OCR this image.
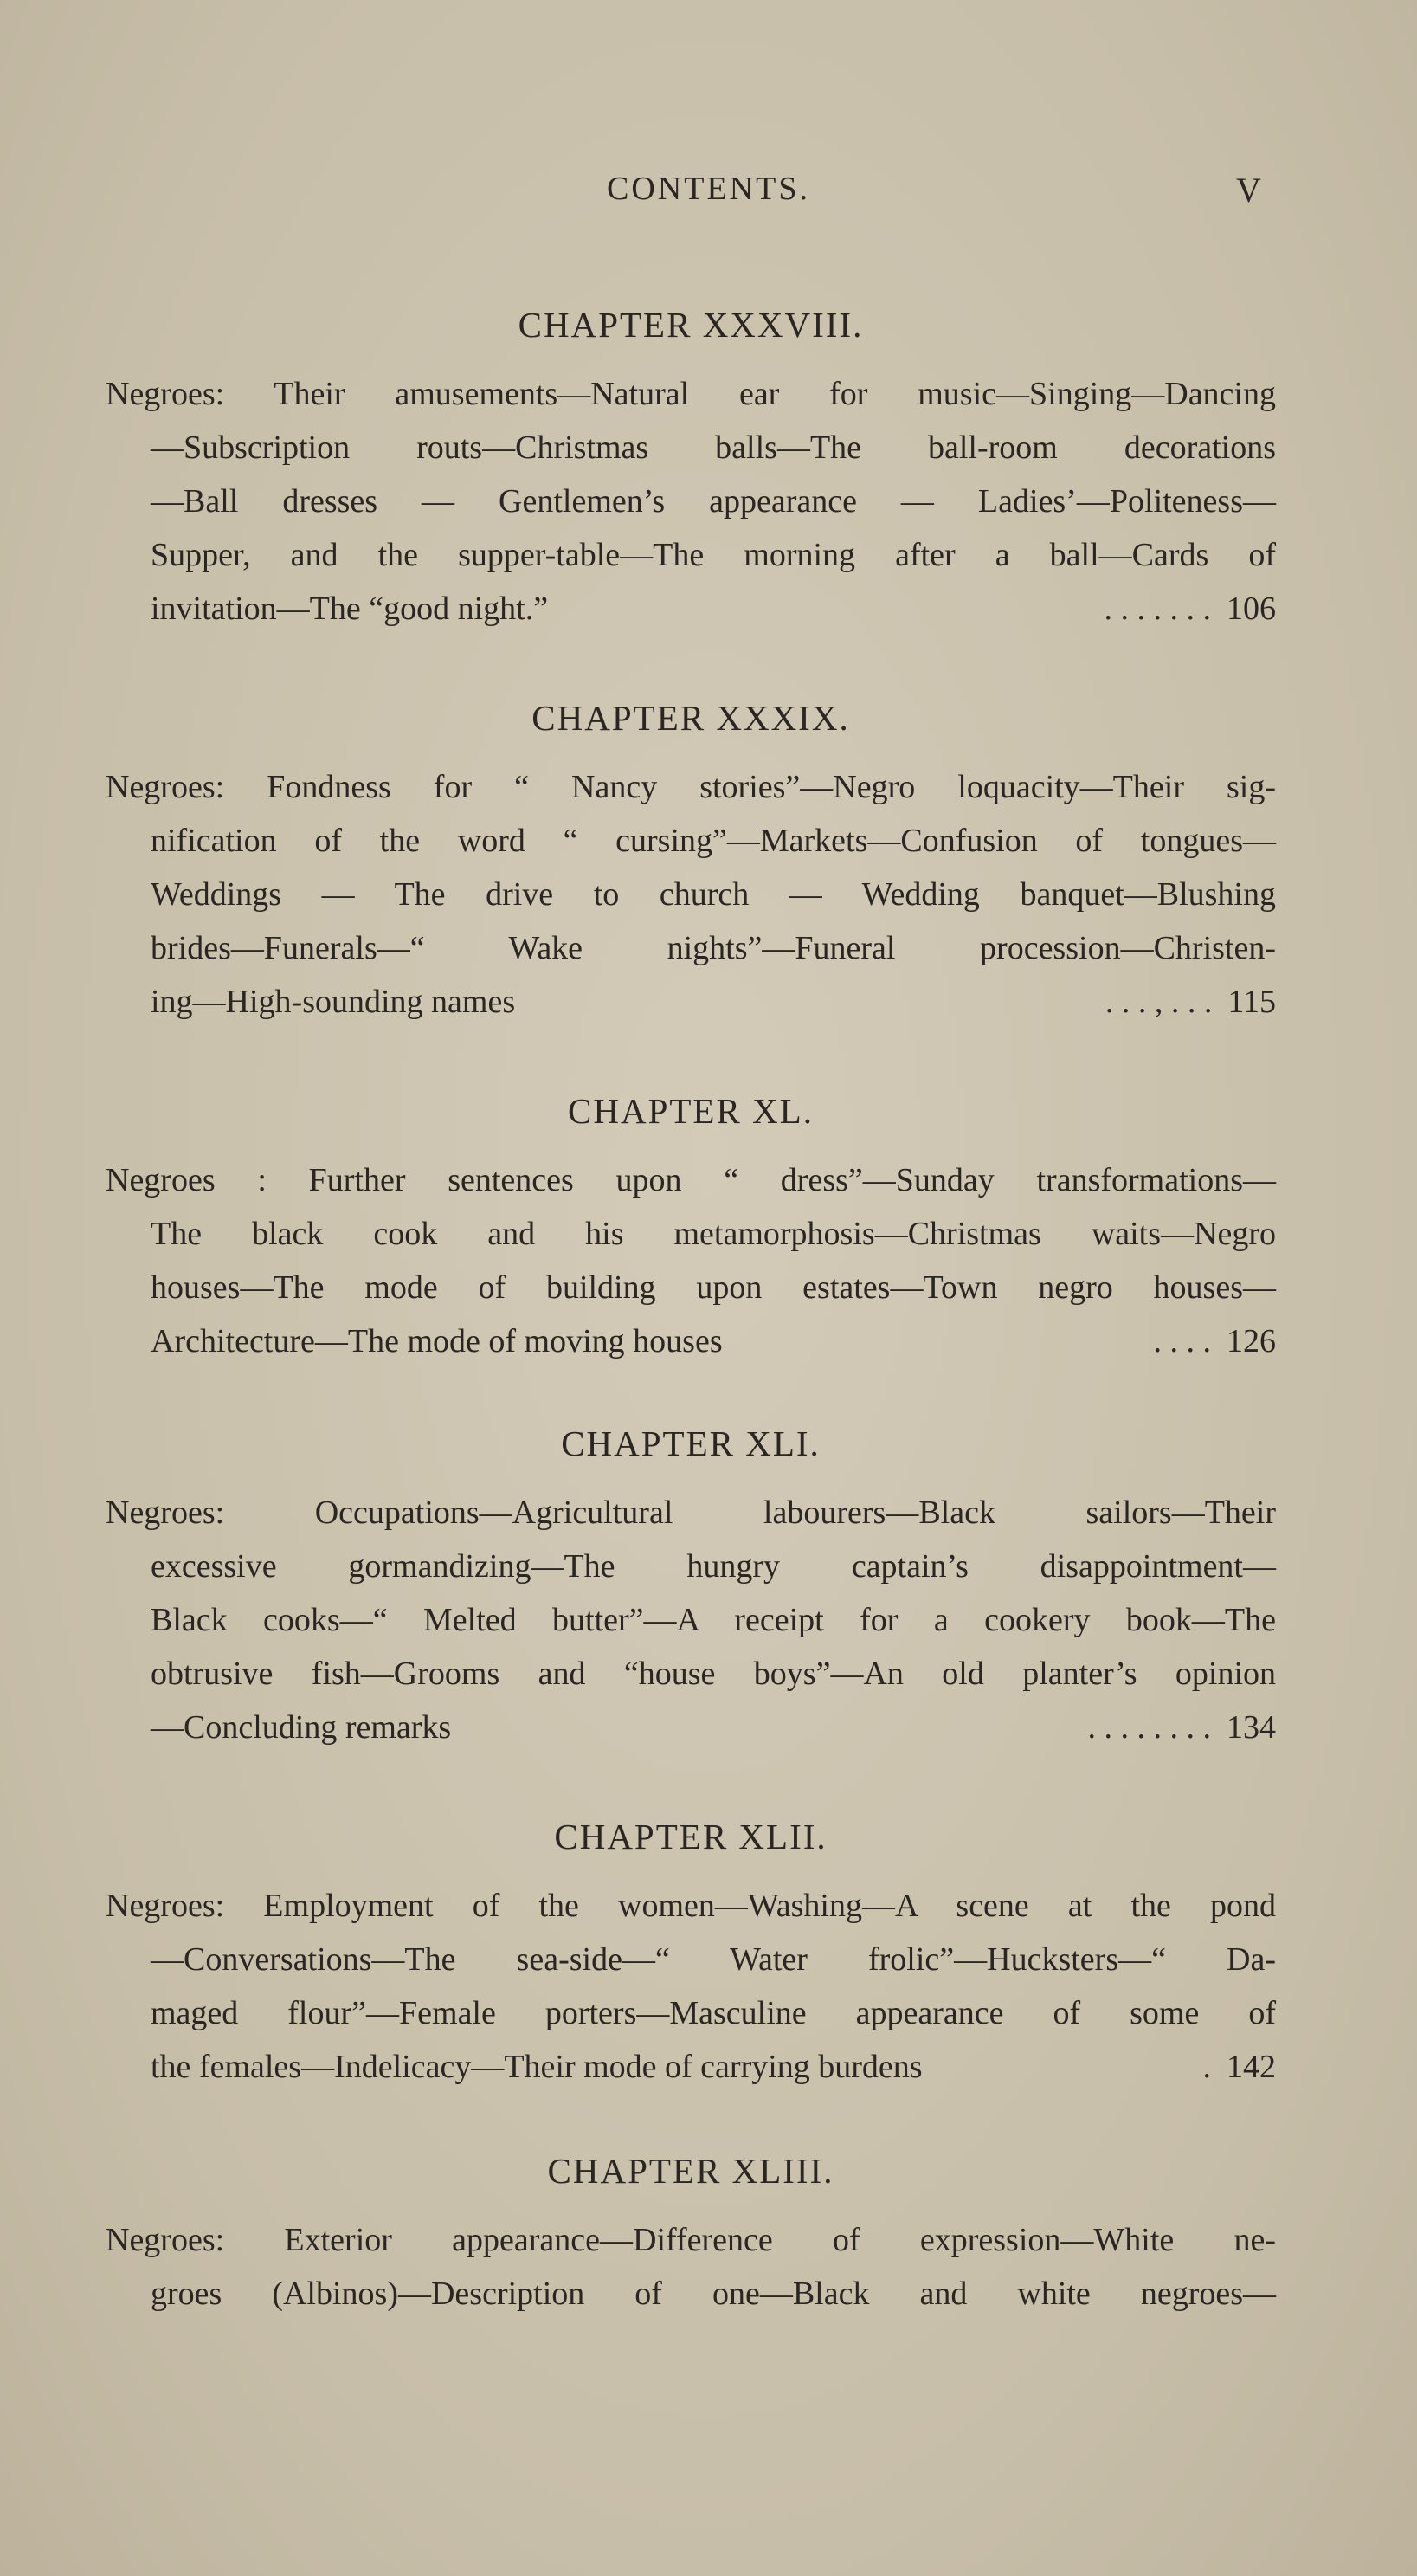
CONTENTS.	V
CHAPTER XXXVIII.
Negroes: Their amusements—Natural ear for music—Singing—Dancing
—Subscription routs—Christmas balls—The ball-room decorations
—Ball dresses — Gentlemen’s appearance — Ladies’—Politeness—
Supper, and the supper-table—The morning after a ball—Cards of
invitation—The “good night.”	. . . . . . . 106
CHAPTER XXXIX.
Negroes: Fondness for “ Nancy stories”—Negro loquacity—Their sig-
nification of the word “ cursing”—Markets—Confusion of tongues—
Weddings — The drive to church — Wedding banquet—Blushing
brides—Funerals—“ Wake nights”—Funeral procession—Christen-
ing—High-sounding names	. . . , . . . 115
CHAPTER XL.
Negroes : Further sentences upon “ dress”—Sunday transformations—
The black cook and his metamorphosis—Christmas waits—Negro
houses—The mode of building upon estates—Town negro houses—
Architecture—The mode of moving houses	. . . . 126
CHAPTER XLI.
Negroes: Occupations—Agricultural labourers—Black sailors—Their
excessive gormandizing—The hungry captain’s disappointment—
Black cooks—“ Melted butter”—A receipt for a cookery book—The
obtrusive fish—Grooms and “house boys”—An old planter’s opinion
—Concluding remarks	. . . . . . . . 134
CHAPTER XLII.
Negroes: Employment of the women—Washing—A scene at the pond
—Conversations—The sea-side—“ Water frolic”—Hucksters—“ Da-
maged flour”—Female porters—Masculine appearance of some of
the females—Indelicacy—Their mode of carrying burdens	. 142
CHAPTER XLIII.
Negroes: Exterior appearance—Difference of expression—White ne-
groes (Albinos)—Description of one—Black and white negroes—
